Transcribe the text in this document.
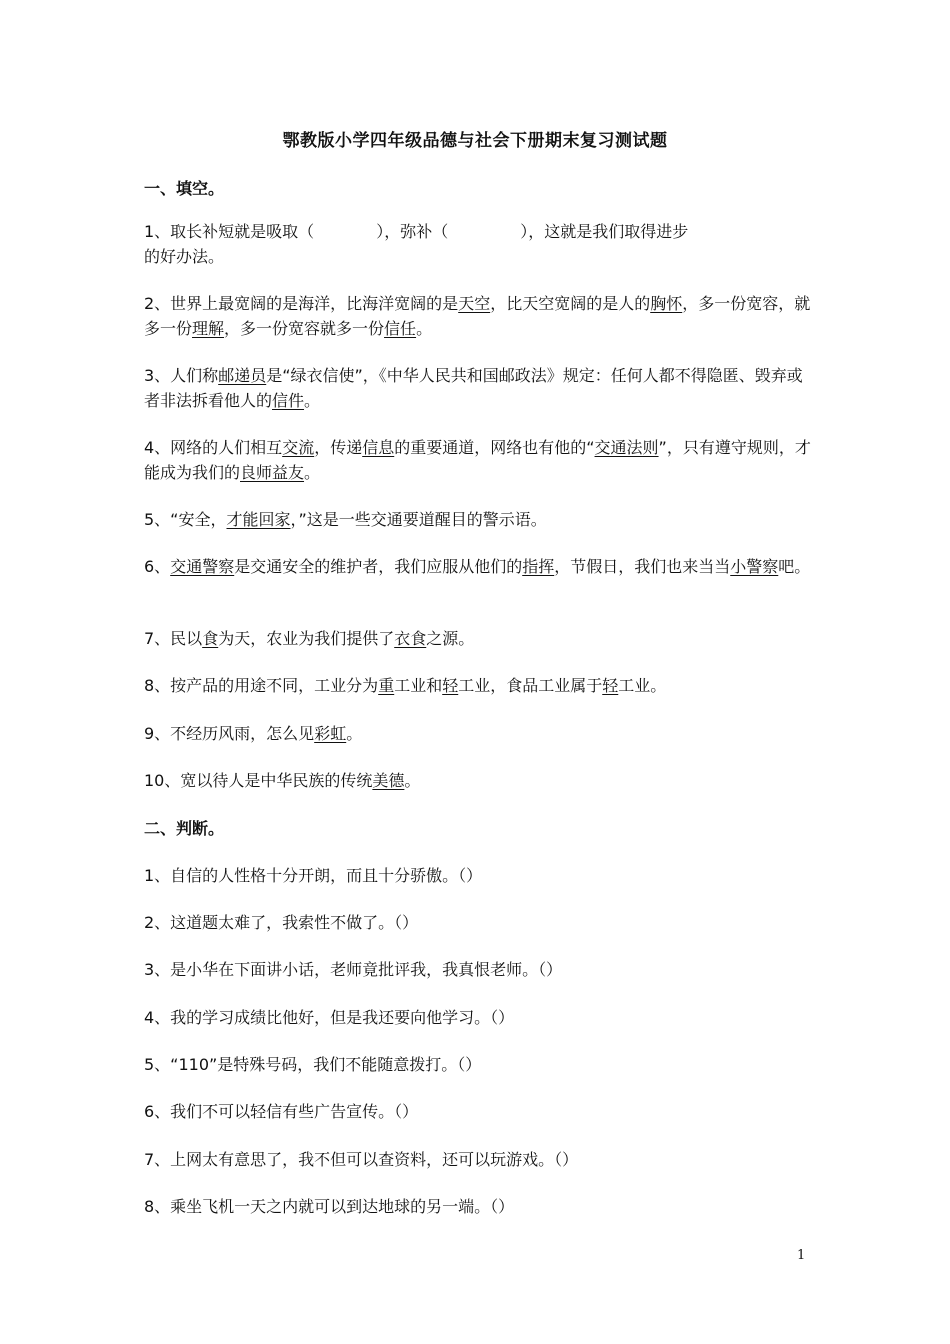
鄂教版小学四年级品德与社会下册期末复习测试题
一、填空。
1、取长补短就是吸取（	），弥补（	），这就是我们取得进步
的好办法。
2、世界上最宽阔的是海洋，比海洋宽阔的是天空，比天空宽阔的是人的胸怀，多一份宽容，就多一份理解，多一份宽容就多一份信任。
3、人们称邮递员是“绿衣信使”，《中华人民共和国邮政法》规定：任何人都不得隐匿、毁弃或者非法拆看他人的信件。
4、网络的人们相互交流，传递信息的重要通道，网络也有他的“交通法则”，只有遵守规则，才能成为我们的良师益友。
5、“安全，才能回家，”这是一些交通要道醒目的警示语。
6、交通警察是交通安全的维护者，我们应服从他们的指挥，节假日，我们也来当当小警察吧。
7、民以食为天，农业为我们提供了衣食之源。
8、按产品的用途不同，工业分为重工业和轻工业，食品工业属于轻工业。
9、不经历风雨，怎么见彩虹。
10、宽以待人是中华民族的传统美德。
二、判断。
1、自信的人性格十分开朗，而且十分骄傲。（）
2、这道题太难了，我索性不做了。（）
3、是小华在下面讲小话，老师竟批评我，我真恨老师。（）
4、我的学习成绩比他好，但是我还要向他学习。（）
5、“110”是特殊号码，我们不能随意拨打。（）
6、我们不可以轻信有些广告宣传。（）
7、上网太有意思了，我不但可以查资料，还可以玩游戏。（）
8、乘坐飞机一天之内就可以到达地球的另一端。（）
1
